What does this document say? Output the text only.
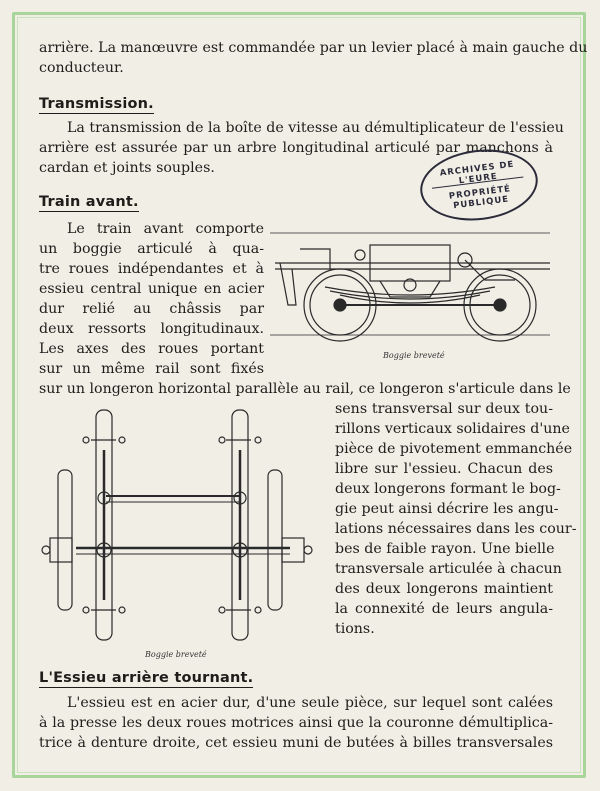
arrière. La manœuvre est commandée par un levier placé à main gauche du
conducteur.
Transmission.
La transmission de la boîte de vitesse au démultiplicateur de l'essieu
arrière est assurée par un arbre longitudinal articulé par manchons à
cardan et joints souples.	ARCHIVES DE L'EURE
PROPRIÉTÉ PUBLIQUE
Train avant.
Le train avant comporte
un boggie articulé à qua-
tre roues indépendantes et à
essieu central unique en acier
dur relié au châssis par
deux ressorts longitudinaux.
Les axes des roues portant
sur un même rail sont fixés
Boggie breveté
sur un longeron horizontal parallèle au rail, ce longeron s'articule dans le
sens transversal sur deux tou-
rillons verticaux solidaires d'une
pièce de pivotement emmanchée
libre sur l'essieu. Chacun des
deux longerons formant le bog-
gie peut ainsi décrire les angu-
lations nécessaires dans les cour-
bes de faible rayon. Une bielle
transversale articulée à chacun
des deux longerons maintient
la connexité de leurs angula-
tions.
Boggie breveté
L'Essieu arrière tournant.
L'essieu est en acier dur, d'une seule pièce, sur lequel sont calées
à la presse les deux roues motrices ainsi que la couronne démultiplica-
trice à denture droite, cet essieu muni de butées à billes transversales
